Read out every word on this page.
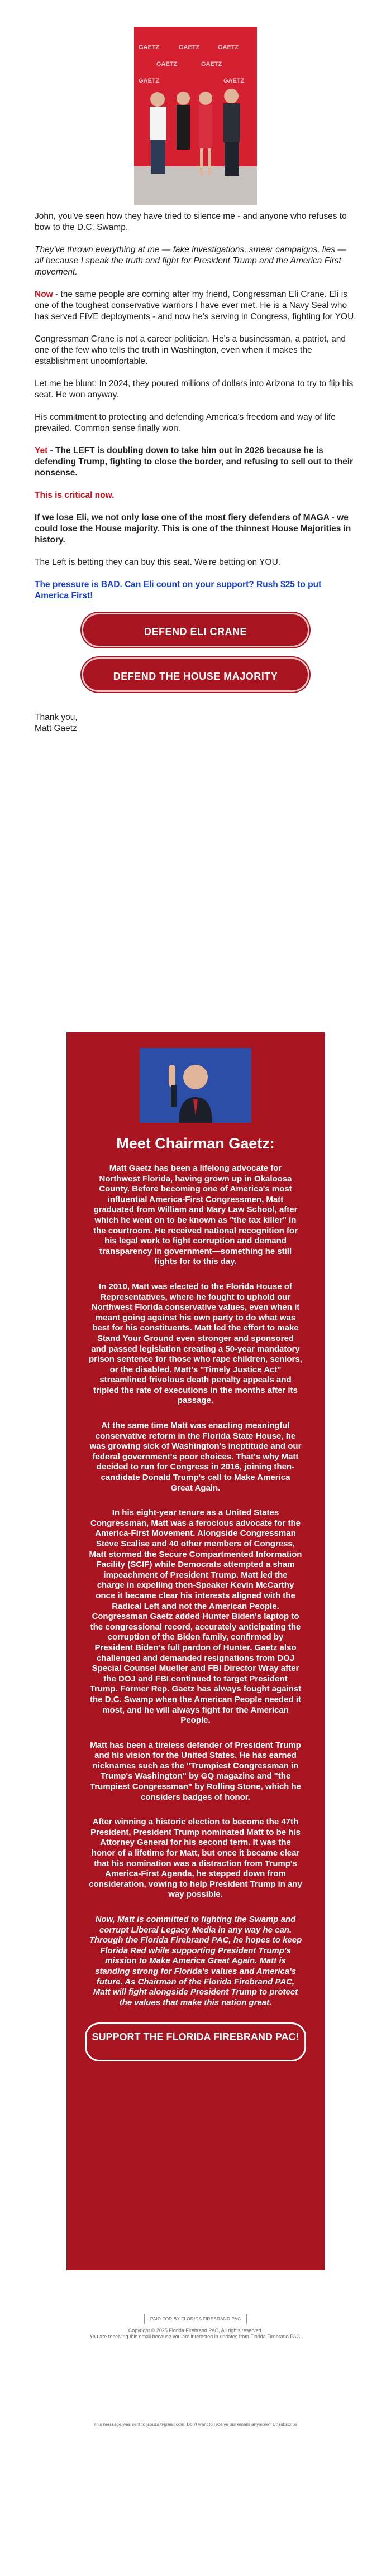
GAETZ	GAETZ	GAETZ
GAETZ	GAETZ
GAETZ	GAETZ

John, you've seen how they have tried to silence me - and anyone who refuses to bow to the D.C. Swamp.

They've thrown everything at me — fake investigations, smear campaigns, lies — all because I speak the truth and fight for President Trump and the America First movement.

Now - the same people are coming after my friend, Congressman Eli Crane. Eli is one of the toughest conservative warriors I have ever met. He is a Navy Seal who has served FIVE deployments - and now he's serving in Congress, fighting for YOU.

Congressman Crane is not a career politician. He's a businessman, a patriot, and one of the few who tells the truth in Washington, even when it makes the establishment uncomfortable.

Let me be blunt: In 2024, they poured millions of dollars into Arizona to try to flip his seat. He won anyway.

His commitment to protecting and defending America's freedom and way of life prevailed. Common sense finally won.

Yet - The LEFT is doubling down to take him out in 2026 because he is defending Trump, fighting to close the border, and refusing to sell out to their nonsense.

This is critical now.

If we lose Eli, we not only lose one of the most fiery defenders of MAGA - we could lose the House majority. This is one of the thinnest House Majorities in history.

The Left is betting they can buy this seat. We're betting on YOU.

The pressure is BAD. Can Eli count on your support? Rush $25 to put America First!

DEFEND ELI CRANE
DEFEND THE HOUSE MAJORITY
Thank you,
Matt Gaetz
Meet Chairman Gaetz:

Matt Gaetz has been a lifelong advocate for Northwest Florida, having grown up in Okaloosa County. Before becoming one of America's most influential America-First Congressmen, Matt graduated from William and Mary Law School, after which he went on to be known as "the tax killer" in the courtroom. He received national recognition for his legal work to fight corruption and demand transparency in government—something he still fights for to this day.

In 2010, Matt was elected to the Florida House of Representatives, where he fought to uphold our Northwest Florida conservative values, even when it meant going against his own party to do what was best for his constituents. Matt led the effort to make Stand Your Ground even stronger and sponsored and passed legislation creating a 50-year mandatory prison sentence for those who rape children, seniors, or the disabled. Matt's "Timely Justice Act" streamlined frivolous death penalty appeals and tripled the rate of executions in the months after its passage.

At the same time Matt was enacting meaningful conservative reform in the Florida State House, he was growing sick of Washington's ineptitude and our federal government's poor choices. That's why Matt decided to run for Congress in 2016, joining then-candidate Donald Trump's call to Make America Great Again.

In his eight-year tenure as a United States Congressman, Matt was a ferocious advocate for the America-First Movement. Alongside Congressman Steve Scalise and 40 other members of Congress, Matt stormed the Secure Compartmented Information Facility (SCIF) while Democrats attempted a sham impeachment of President Trump. Matt led the charge in expelling then-Speaker Kevin McCarthy once it became clear his interests aligned with the Radical Left and not the American People. Congressman Gaetz added Hunter Biden's laptop to the congressional record, accurately anticipating the corruption of the Biden family, confirmed by President Biden's full pardon of Hunter. Gaetz also challenged and demanded resignations from DOJ Special Counsel Mueller and FBI Director Wray after the DOJ and FBI continued to target President Trump. Former Rep. Gaetz has always fought against the D.C. Swamp when the American People needed it most, and he will always fight for the American People.

Matt has been a tireless defender of President Trump and his vision for the United States. He has earned nicknames such as the "Trumpiest Congressman in Trump's Washington" by GQ magazine and "the Trumpiest Congressman" by Rolling Stone, which he considers badges of honor.

After winning a historic election to become the 47th President, President Trump nominated Matt to be his Attorney General for his second term. It was the honor of a lifetime for Matt, but once it became clear that his nomination was a distraction from Trump's America-First Agenda, he stepped down from consideration, vowing to help President Trump in any way possible.

Now, Matt is committed to fighting the Swamp and corrupt Liberal Legacy Media in any way he can. Through the Florida Firebrand PAC, he hopes to keep Florida Red while supporting President Trump's mission to Make America Great Again. Matt is standing strong for Florida's values and America's future. As Chairman of the Florida Firebrand PAC, Matt will fight alongside President Trump to protect the values that make this nation great.

SUPPORT THE FLORIDA FIREBRAND PAC!
PAID FOR BY FLORIDA FIREBRAND PAC
Copyright © 2025 Florida Firebrand PAC, All rights reserved.
You are receiving this email because you are interested in updates from Florida Firebrand PAC.
This message was sent to jsouza@gmail.com. Don't want to receive our emails anymore? Unsubscribe
